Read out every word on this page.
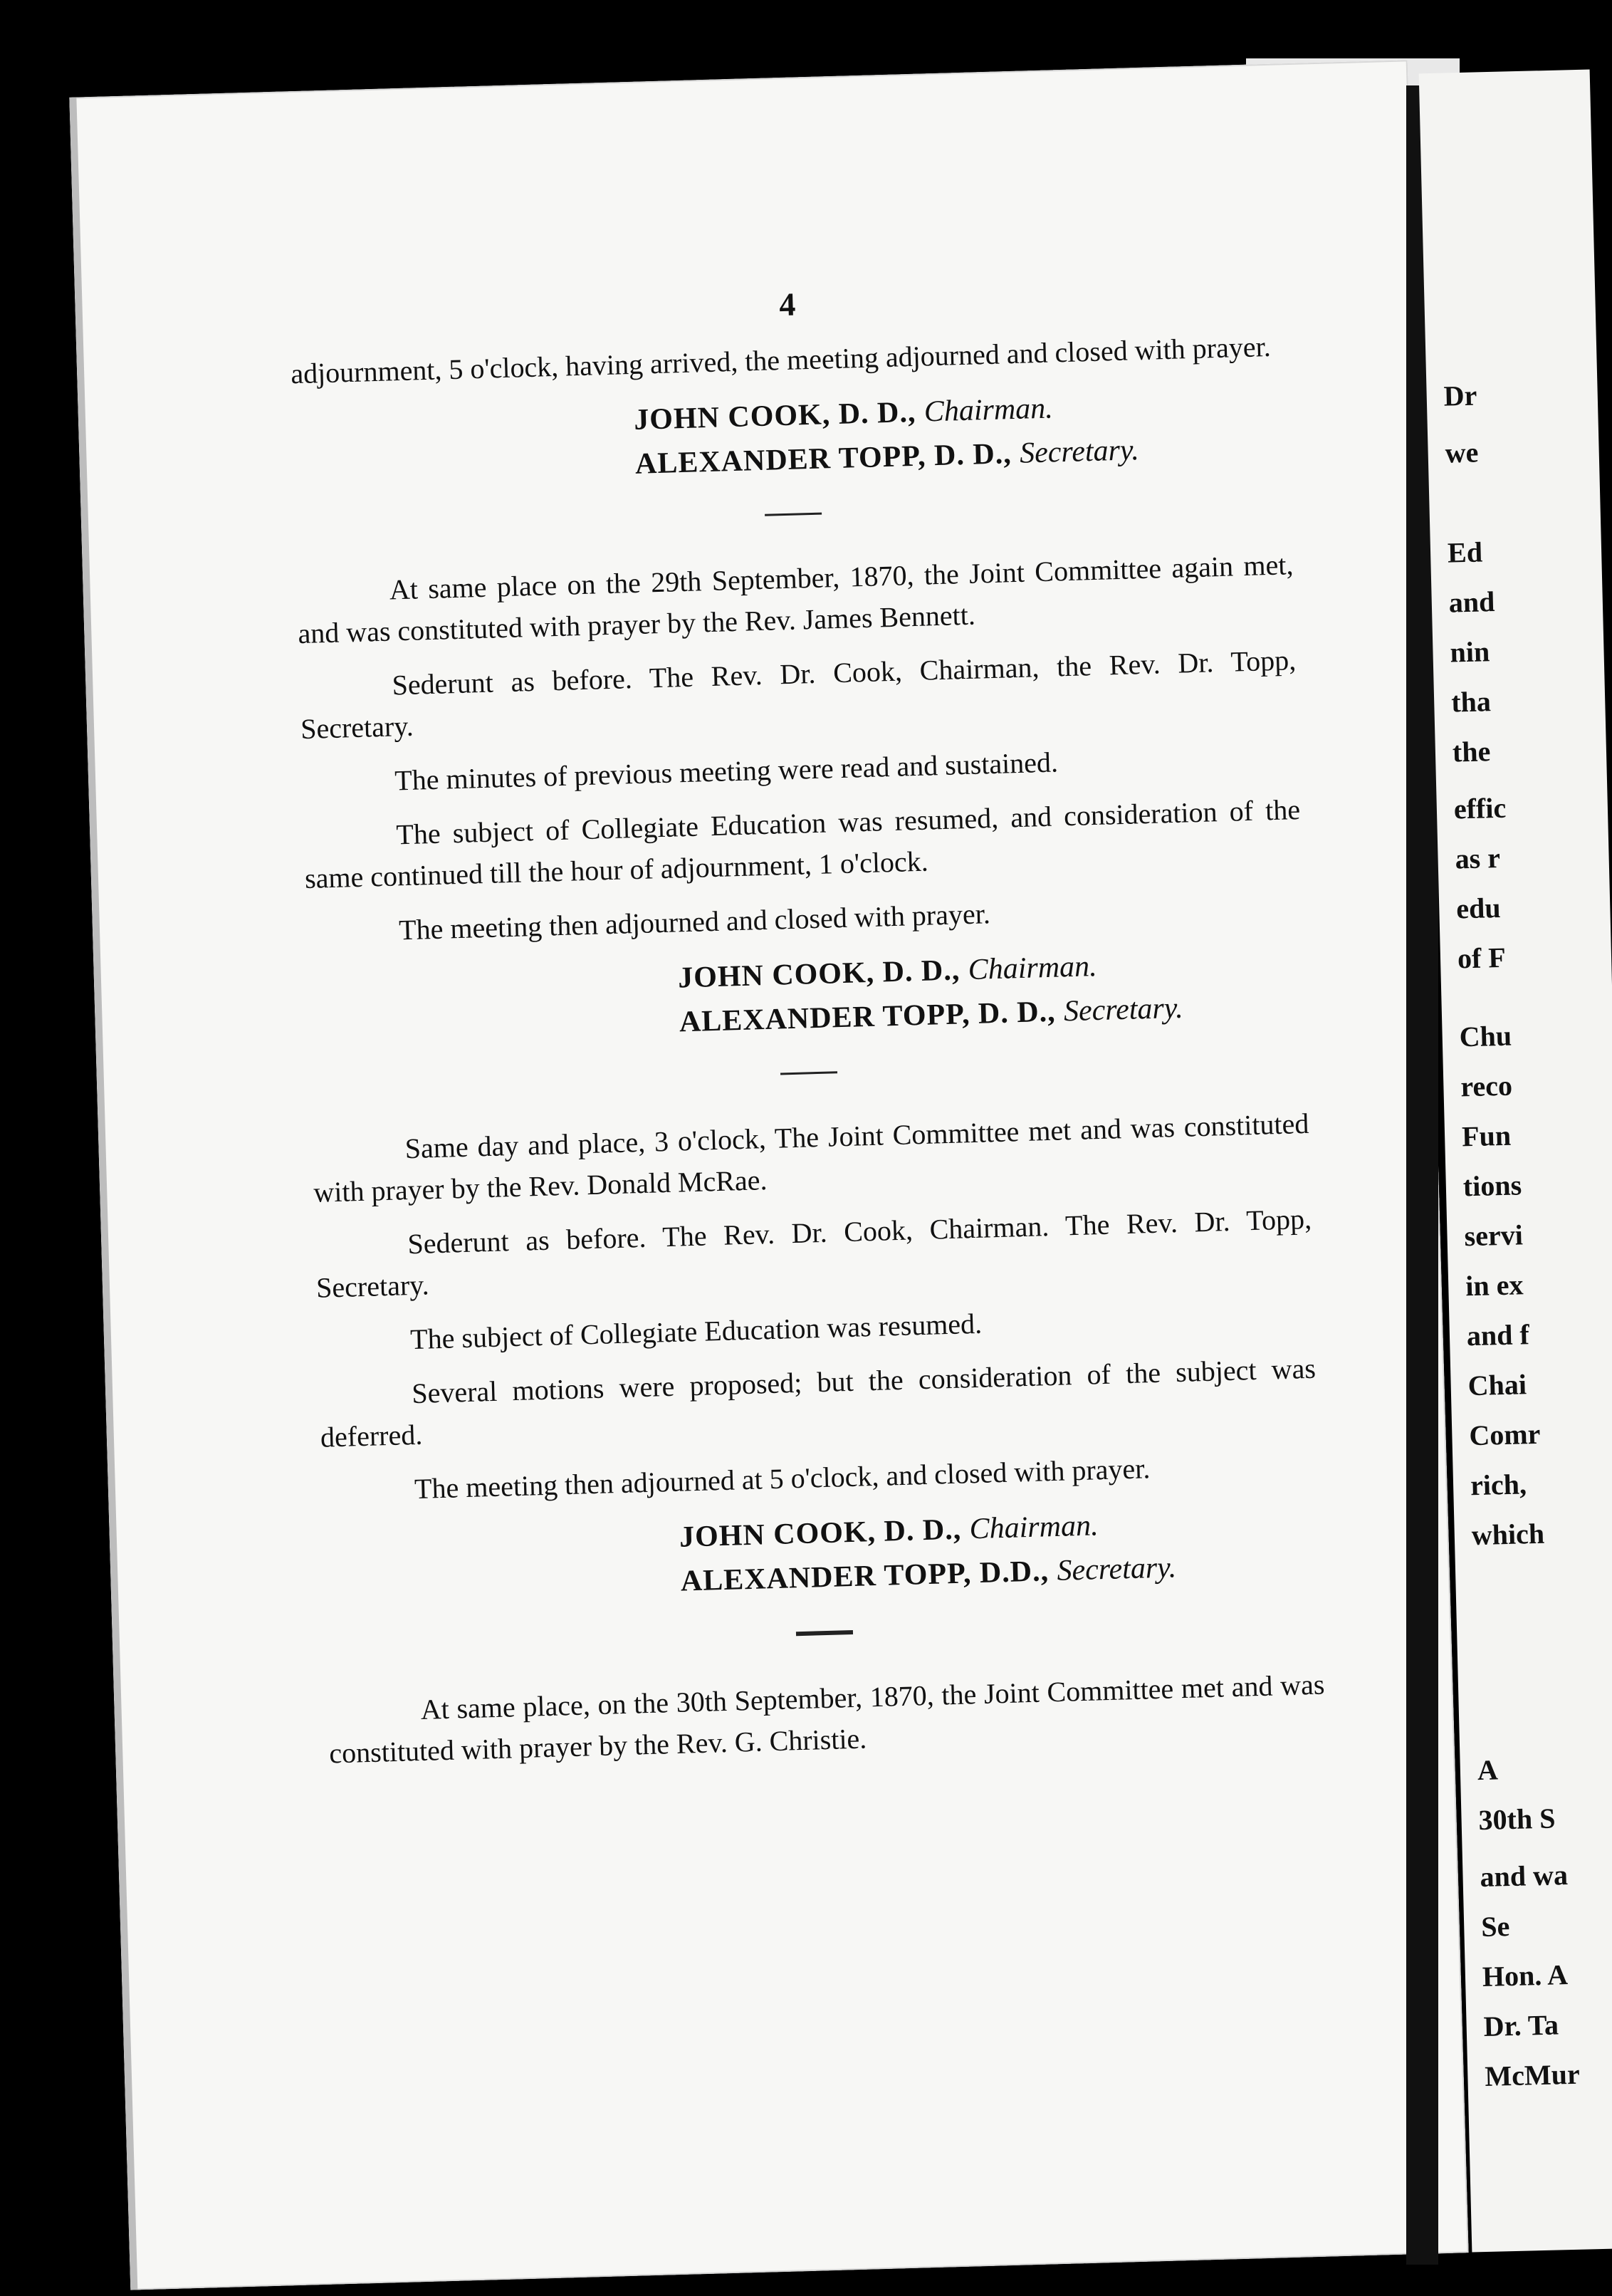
4

adjournment, 5 o'clock, having arrived, the meeting adjourned and closed with prayer.

JOHN COOK, D. D., Chairman.

ALEXANDER TOPP, D. D., Secretary.

At same place on the 29th September, 1870, the Joint Committee again met, and was constituted with prayer by the Rev. James Bennett.

Sederunt as before. The Rev. Dr. Cook, Chairman, the Rev. Dr. Topp, Secretary.

The minutes of previous meeting were read and sustained.

The subject of Collegiate Education was resumed, and consideration of the same continued till the hour of adjournment, 1 o'clock.

The meeting then adjourned and closed with prayer.

JOHN COOK, D. D., Chairman.

ALEXANDER TOPP, D. D., Secretary.

Same day and place, 3 o'clock, The Joint Committee met and was constituted with prayer by the Rev. Donald McRae.

Sederunt as before. The Rev. Dr. Cook, Chairman. The Rev. Dr. Topp, Secretary.

The subject of Collegiate Education was resumed.

Several motions were proposed; but the consideration of the subject was deferred.

The meeting then adjourned at 5 o'clock, and closed with prayer.

JOHN COOK, D. D., Chairman.

ALEXANDER TOPP, D.D., Secretary.

At same place, on the 30th September, 1870, the Joint Committee met and was constituted with prayer by the Rev. G. Christie.

Dr
we
Ed
and
nin
tha
the
effic
as r
edu
of F
Chu
reco
Fun
tions
servi
in ex
and f
Chai
Comr
rich,
which
A
30th S
and wa
Se
Hon. A
Dr. Ta
McMur
